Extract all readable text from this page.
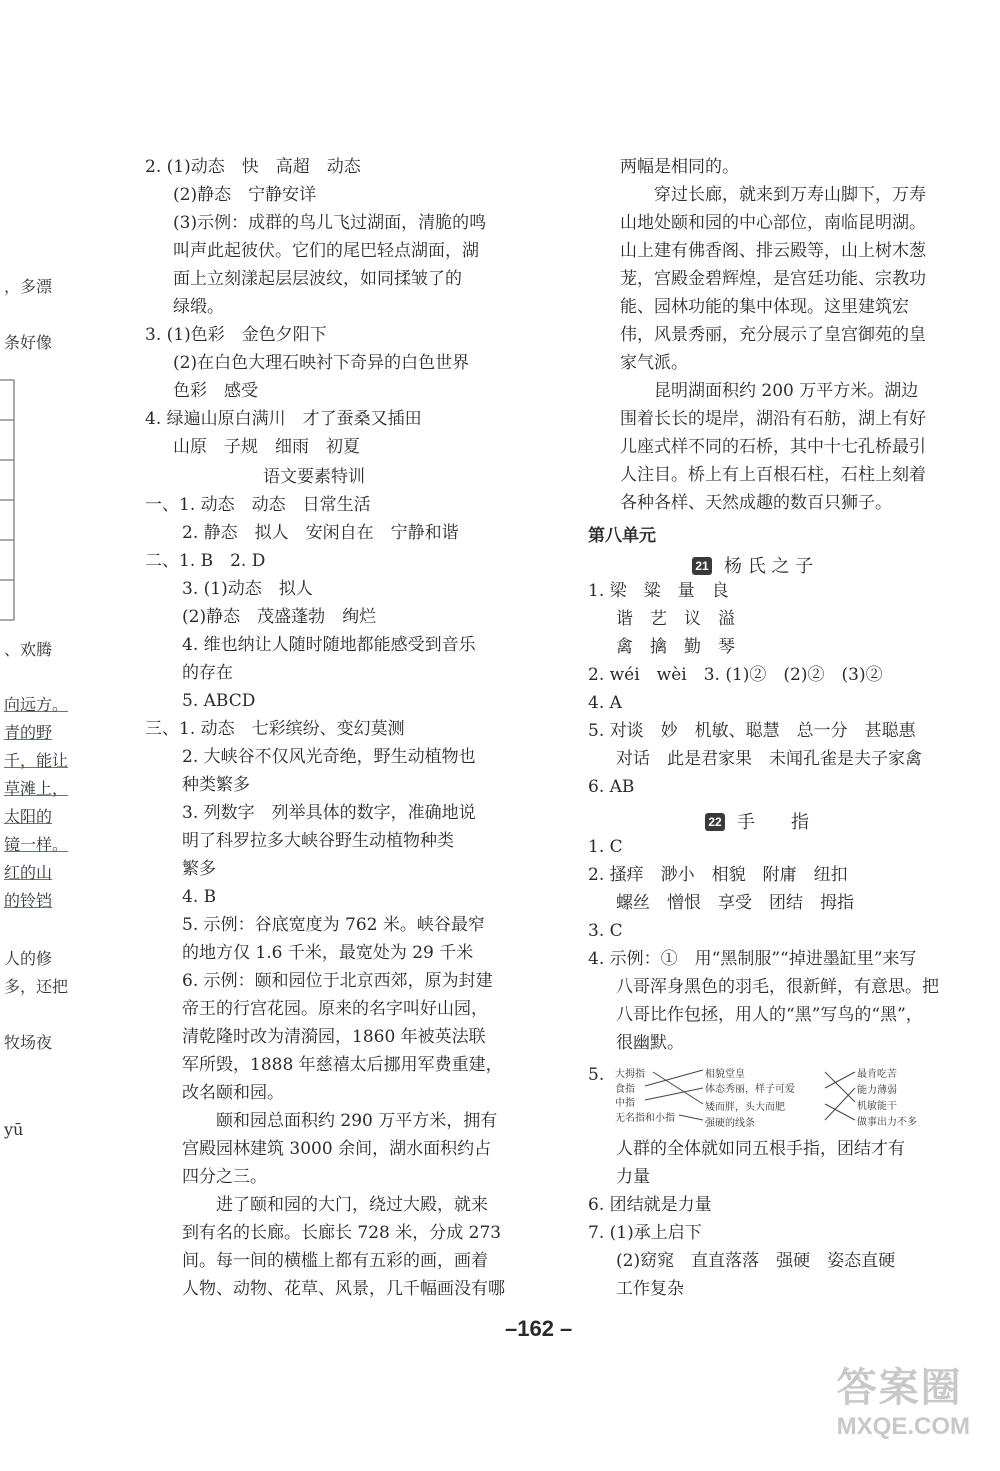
，多漂
条好像
、欢腾
向远方。
青的野
千，能让
草滩上，
太阳的
镜一样。
红的山
的铃铛
人的修
多，还把
牧场夜
yū
2. (1)动态　快　高超　动态
(2)静态　宁静安详
(3)示例：成群的鸟儿飞过湖面，清脆的鸣
叫声此起彼伏。它们的尾巴轻点湖面，湖
面上立刻漾起层层波纹，如同揉皱了的
绿缎。
3. (1)色彩　金色夕阳下
(2)在白色大理石映衬下奇异的白色世界
色彩　感受
4. 绿遍山原白满川　才了蚕桑又插田
山原　子规　细雨　初夏
语文要素特训
一、1. 动态　动态　日常生活
2. 静态　拟人　安闲自在　宁静和谐
二、1. B　2. D
3. (1)动态　拟人
(2)静态　茂盛蓬勃　绚烂
4. 维也纳让人随时随地都能感受到音乐
的存在
5. ABCD
三、1. 动态　七彩缤纷、变幻莫测
2. 大峡谷不仅风光奇绝，野生动植物也
种类繁多
3. 列数字　列举具体的数字，准确地说
明了科罗拉多大峡谷野生动植物种类
繁多
4. B
5. 示例：谷底宽度为 762 米。峡谷最窄
的地方仅 1.6 千米，最宽处为 29 千米
6. 示例：颐和园位于北京西郊，原为封建
帝王的行宫花园。原来的名字叫好山园，
清乾隆时改为清漪园，1860 年被英法联
军所毁，1888 年慈禧太后挪用军费重建，
改名颐和园。
颐和园总面积约 290 万平方米，拥有
宫殿园林建筑 3000 余间，湖水面积约占
四分之三。
进了颐和园的大门，绕过大殿，就来
到有名的长廊。长廊长 728 米，分成 273
间。每一间的横槛上都有五彩的画，画着
人物、动物、花草、风景，几千幅画没有哪
两幅是相同的。
穿过长廊，就来到万寿山脚下，万寿
山地处颐和园的中心部位，南临昆明湖。
山上建有佛香阁、排云殿等，山上树木葱
茏，宫殿金碧辉煌，是宫廷功能、宗教功
能、园林功能的集中体现。这里建筑宏
伟，风景秀丽，充分展示了皇宫御苑的皇
家气派。
昆明湖面积约 200 万平方米。湖边
围着长长的堤岸，湖沿有石舫，湖上有好
儿座式样不同的石桥，其中十七孔桥最引
人注目。桥上有上百根石柱，石柱上刻着
各种各样、天然成趣的数百只狮子。
1. 梁　粱　量　良
谐　艺　议　溢
禽　擒　勤　琴
2. wéi　wèi　3. (1)②　(2)②　(3)②
4. A
5. 对谈　妙　机敏、聪慧　总一分　甚聪惠
对话　此是君家果　未闻孔雀是夫子家禽
6. AB
1. C
2. 搔痒　渺小　相貌　附庸　纽扣
螺丝　憎恨　享受　团结　拇指
3. C
4. 示例：①　用“黑制服”“掉进墨缸里”来写
八哥浑身黑色的羽毛，很新鲜，有意思。把
八哥比作包拯，用人的“黑”写鸟的“黑”，
很幽默。
5.
人群的全体就如同五根手指，团结才有
力量
6. 团结就是力量
7. (1)承上启下
(2)窈窕　直直落落　强硬　姿态直硬
工作复杂
第八单元
21 杨 氏 之 子
22 手　　指
大拇指
食指
中指
无名指和小指
相貌堂皇
体态秀丽，样子可爱
矮而胖，头大而肥
强硬的线条
最肯吃苦
能力薄弱
机敏能干
做事出力不多
–162 –
答案圈
MXQE.COM
